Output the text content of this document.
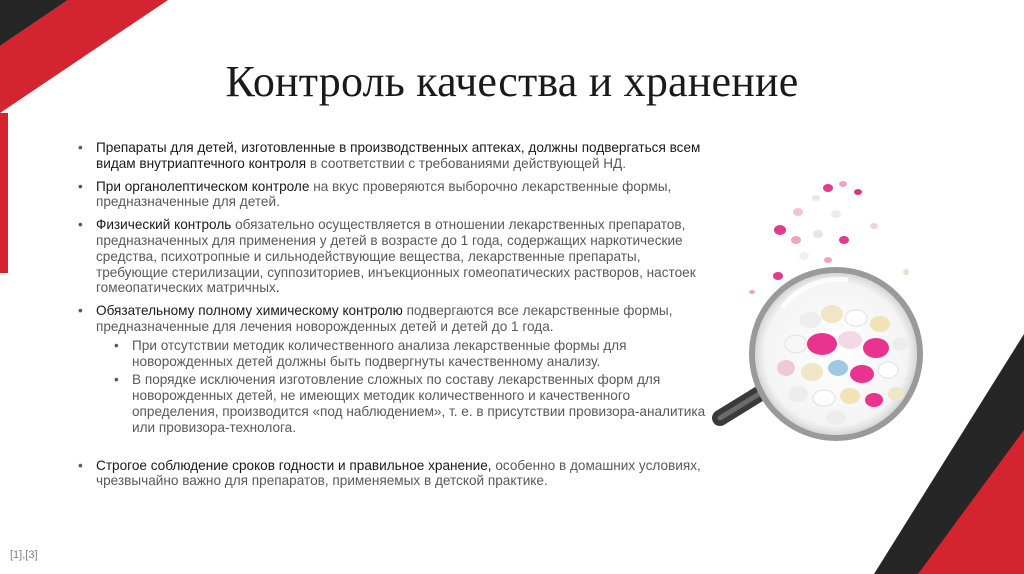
Контроль качества и хранение
• Препараты для детей, изготовленные в производственных аптеках, должны подвергаться всем видам внутриаптечного контроля в соответствии с требованиями действующей НД.
• При органолептическом контроле на вкус проверяются выборочно лекарственные формы, предназначенные для детей.
• Физический контроль обязательно осуществляется в отношении лекарственных препаратов, предназначенных для применения у детей в возрасте до 1 года, содержащих наркотические средства, психотропные и сильнодействующие вещества, лекарственные препараты, требующие стерилизации, суппозиториев, инъекционных гомеопатических растворов, настоек гомеопатических матричных.
• Обязательному полному химическому контролю подвергаются все лекарственные формы, предназначенные для лечения новорожденных детей и детей до 1 года.
• При отсутствии методик количественного анализа лекарственные формы для новорожденных детей должны быть подвергнуты качественному анализу.
• В порядке исключения изготовление сложных по составу лекарственных форм для новорожденных детей, не имеющих методик количественного и качественного определения, производится «под наблюдением», т. е. в присутствии провизора-аналитика или провизора-технолога.
• Строгое соблюдение сроков годности и правильное хранение, особенно в домашних условиях, чрезвычайно важно для препаратов, применяемых в детской практике.
[1],[3]
